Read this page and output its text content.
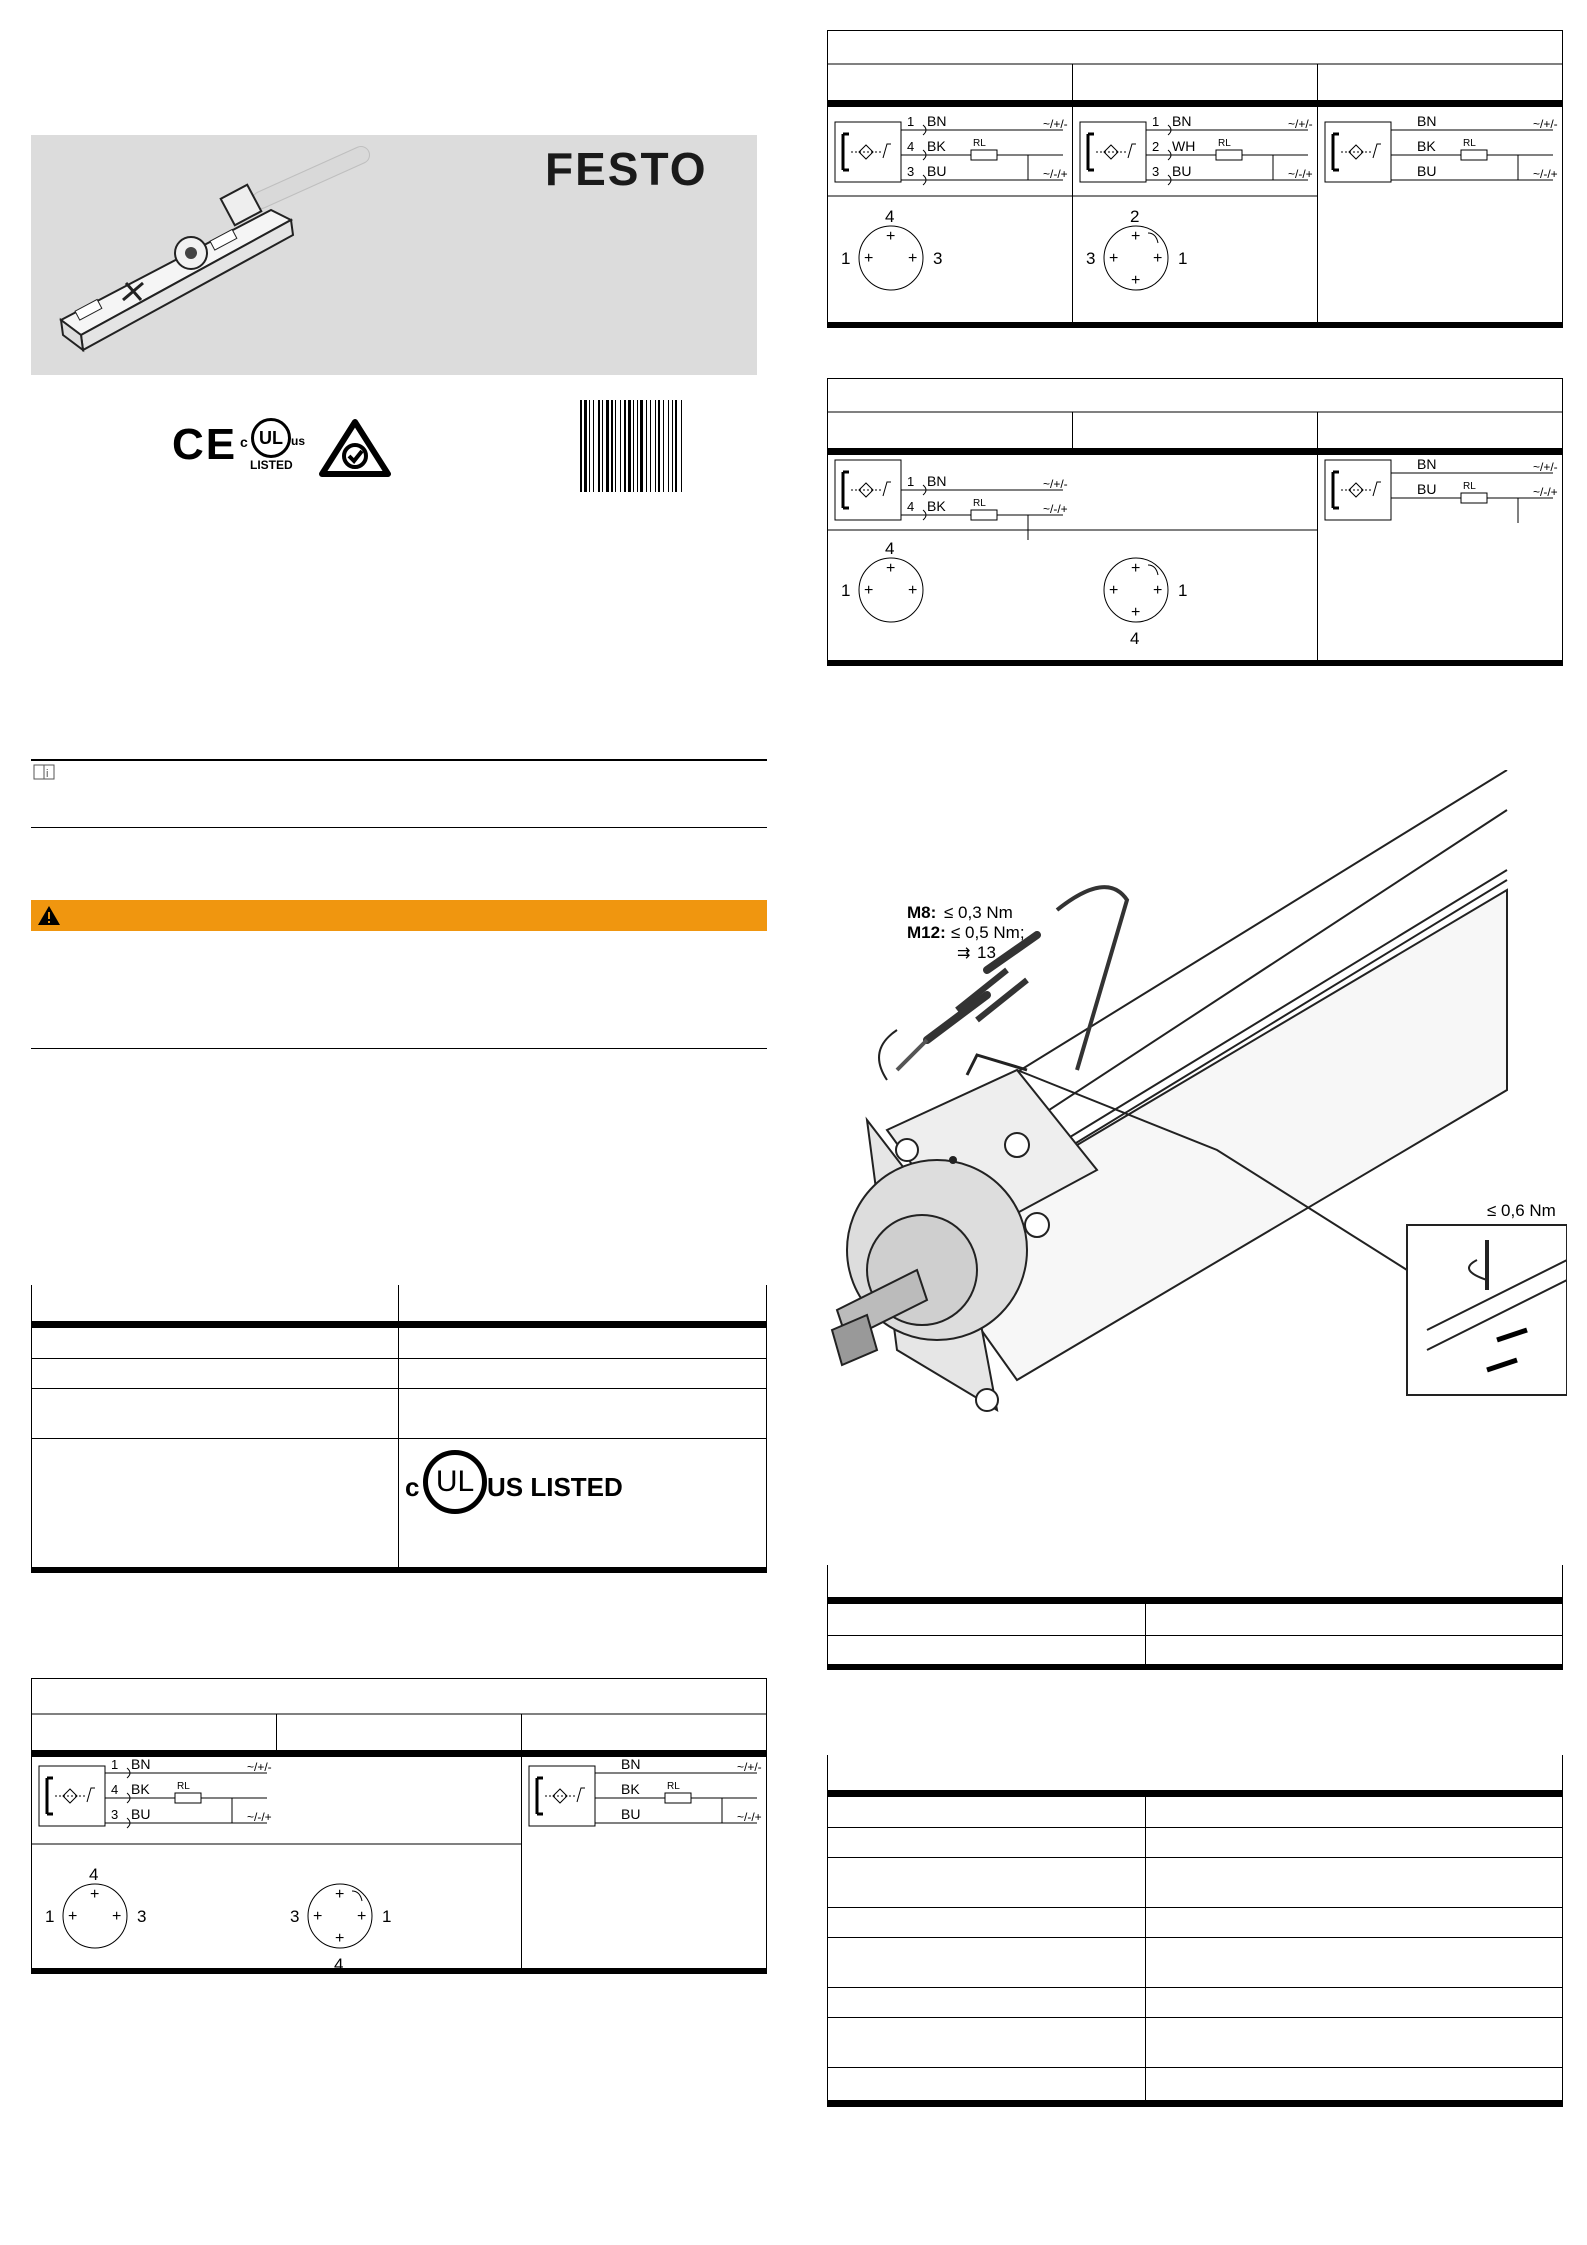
FESTO
CE c UL us
LISTED
i
c UL US LISTED
1 BN	~/+/-
4 BK
3 BU	~/-/+
RL
+
+ +
1	3
4
+
+ +
+
3	1
4
BN	~/+/-
BK
BU	~/-/+
RL
1 BN	~/+/-
4 BK
3 BU	~/-/+
RL
+
+ +
1	3
4
1 BN	~/+/-
2 WH
3 BU	~/-/+
RL
+
+ +
+
3	1
2
BN	~/+/-
BK
BU	~/-/+
RL
1 BN	~/+/-
4 BK	~/-/+
RL
+
+ +
1
4
+
+ +
+
1
4
BN	~/+/-
BU	~/-/+
RL
M8: ≤ 0,3 Nm
M12: ≤ 0,5 Nm;
⇉ 13
≤ 0,6 Nm
